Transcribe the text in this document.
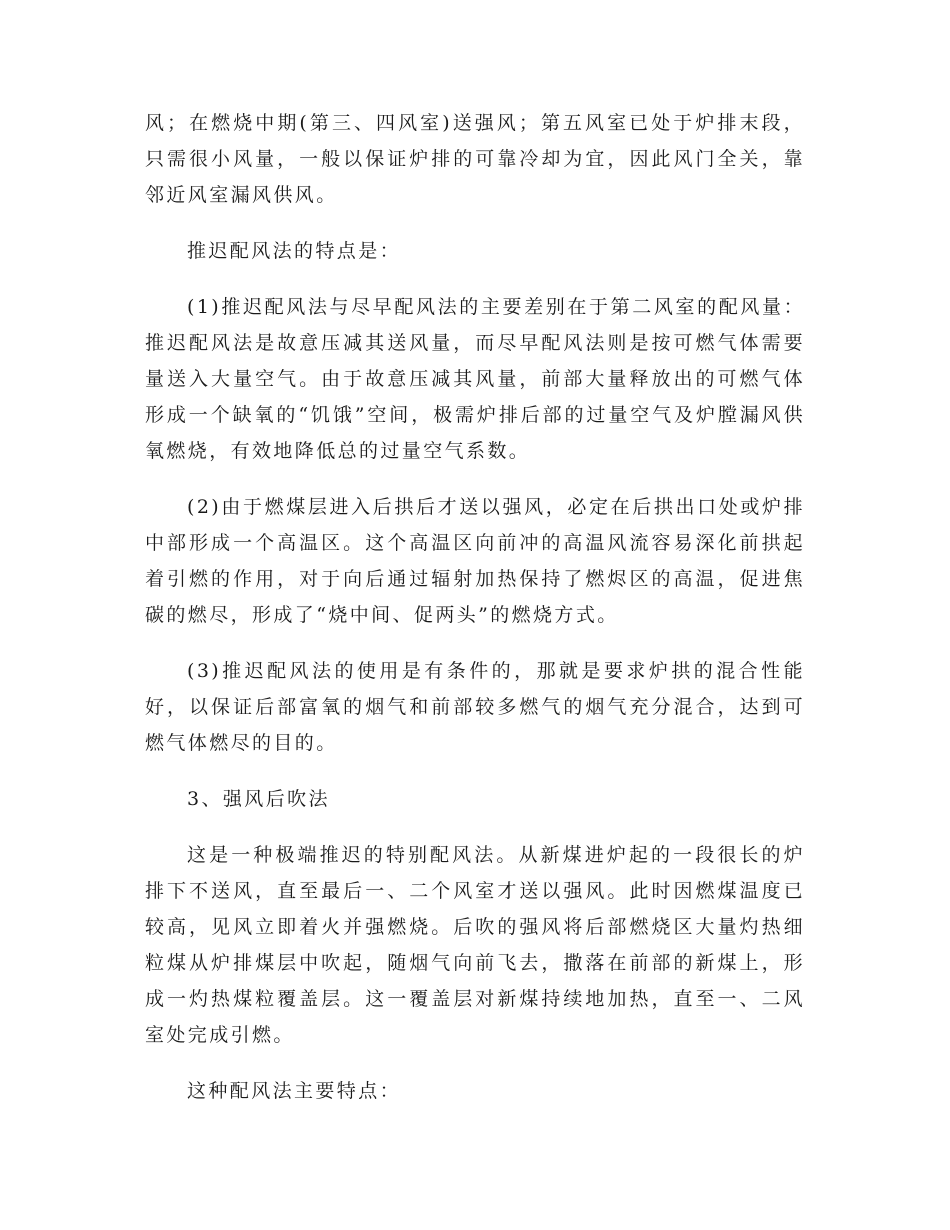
风；在燃烧中期(第三、四风室)送强风；第五风室已处于炉排末段，只需很小风量，一般以保证炉排的可靠冷却为宜，因此风门全关，靠邻近风室漏风供风。

推迟配风法的特点是：

(1)推迟配风法与尽早配风法的主要差别在于第二风室的配风量：推迟配风法是故意压减其送风量，而尽早配风法则是按可燃气体需要量送入大量空气。由于故意压减其风量，前部大量释放出的可燃气体形成一个缺氧的“饥饿”空间，极需炉排后部的过量空气及炉膛漏风供氧燃烧，有效地降低总的过量空气系数。

(2)由于燃煤层进入后拱后才送以强风，必定在后拱出口处或炉排中部形成一个高温区。这个高温区向前冲的高温风流容易深化前拱起着引燃的作用，对于向后通过辐射加热保持了燃烬区的高温，促进焦碳的燃尽，形成了“烧中间、促两头”的燃烧方式。

(3)推迟配风法的使用是有条件的，那就是要求炉拱的混合性能好，以保证后部富氧的烟气和前部较多燃气的烟气充分混合，达到可燃气体燃尽的目的。

3、强风后吹法

这是一种极端推迟的特别配风法。从新煤进炉起的一段很长的炉排下不送风，直至最后一、二个风室才送以强风。此时因燃煤温度已较高，见风立即着火并强燃烧。后吹的强风将后部燃烧区大量灼热细粒煤从炉排煤层中吹起，随烟气向前飞去，撒落在前部的新煤上，形成一灼热煤粒覆盖层。这一覆盖层对新煤持续地加热，直至一、二风室处完成引燃。

这种配风法主要特点：
